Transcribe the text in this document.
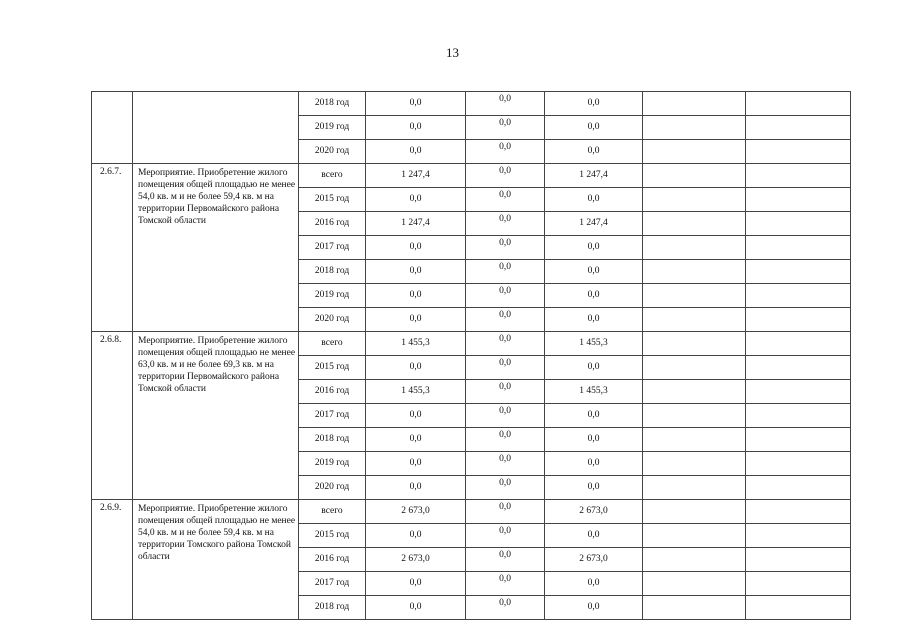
13
		2018 год	0,0	0,0	0,0		
		2019 год	0,0	0,0	0,0		
		2020 год	0,0	0,0	0,0		
2.6.7.	Мероприятие. Приобретение жилого помещения общей площадью не менее 54,0 кв. м и не более 59,4 кв. м на территории Первомайского района Томской области	всего	1 247,4	0,0	1 247,4		
		2015 год	0,0	0,0	0,0		
		2016 год	1 247,4	0,0	1 247,4		
		2017 год	0,0	0,0	0,0		
		2018 год	0,0	0,0	0,0		
		2019 год	0,0	0,0	0,0		
		2020 год	0,0	0,0	0,0		
2.6.8.	Мероприятие. Приобретение жилого помещения общей площадью не менее 63,0 кв. м и не более 69,3 кв. м на территории Первомайского района Томской области	всего	1 455,3	0,0	1 455,3		
		2015 год	0,0	0,0	0,0		
		2016 год	1 455,3	0,0	1 455,3		
		2017 год	0,0	0,0	0,0		
		2018 год	0,0	0,0	0,0		
		2019 год	0,0	0,0	0,0		
		2020 год	0,0	0,0	0,0		
2.6.9.	Мероприятие. Приобретение жилого помещения общей площадью не менее 54,0 кв. м и не более 59,4 кв. м на территории Томского района Томской области	всего	2 673,0	0,0	2 673,0		
		2015 год	0,0	0,0	0,0		
		2016 год	2 673,0	0,0	2 673,0		
		2017 год	0,0	0,0	0,0		
		2018 год	0,0	0,0	0,0		
